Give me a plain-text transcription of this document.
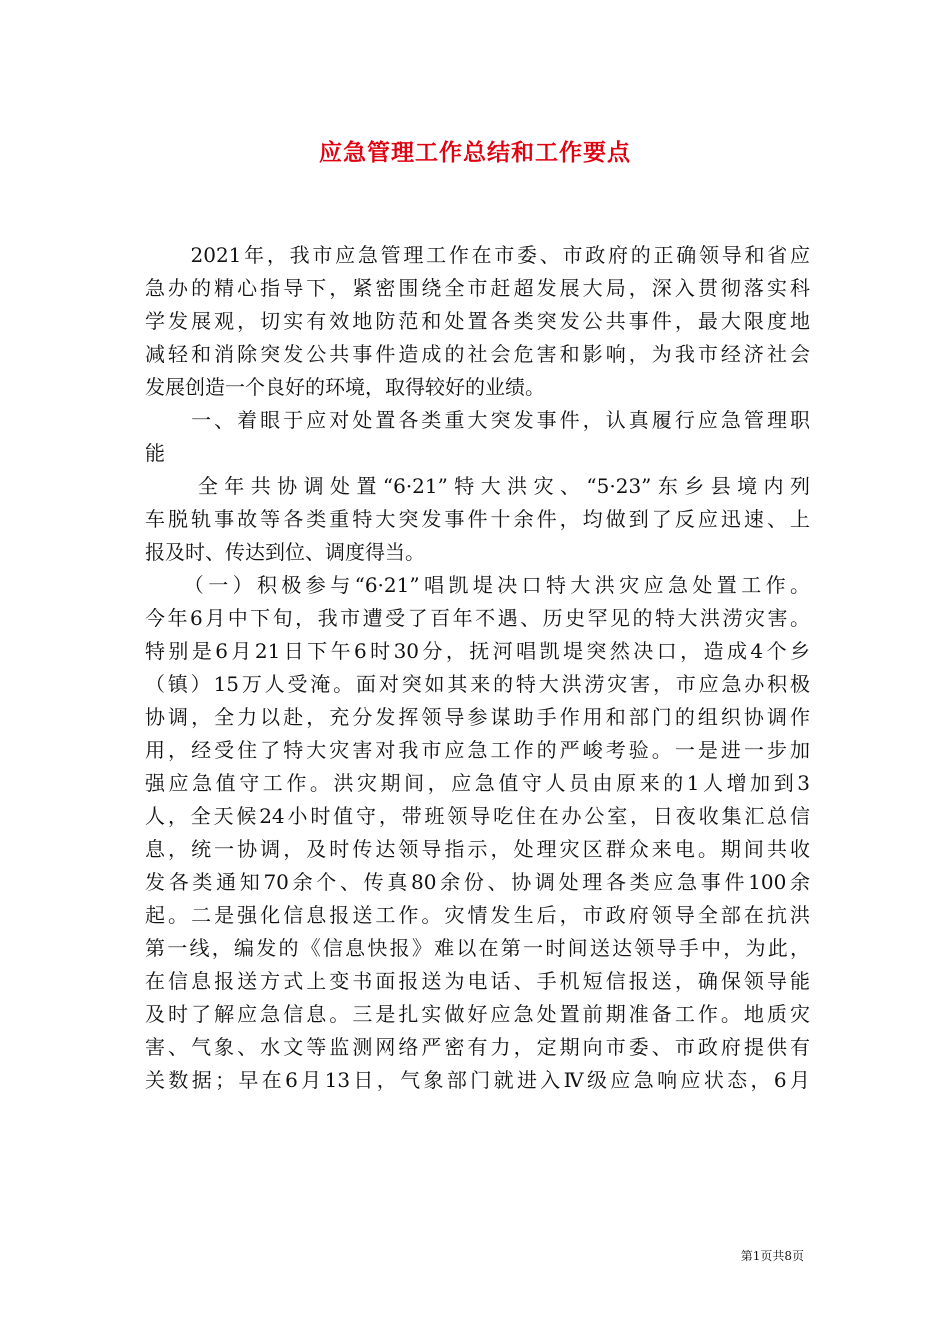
应急管理工作总结和工作要点
　　2021年，我市应急管理工作在市委、市政府的正确领导和省应
急办的精心指导下，紧密围绕全市赶超发展大局，深入贯彻落实科
学发展观，切实有效地防范和处置各类突发公共事件，最大限度地
减轻和消除突发公共事件造成的社会危害和影响，为我市经济社会
发展创造一个良好的环境，取得较好的业绩。
　　一、着眼于应对处置各类重大突发事件，认真履行应急管理职
能
　　全年共协调处置“6·21”特大洪灾、“5·23”东乡县境内列
车脱轨事故等各类重特大突发事件十余件，均做到了反应迅速、上
报及时、传达到位、调度得当。
　　（一）积极参与“6·21”唱凯堤决口特大洪灾应急处置工作。
今年6月中下旬，我市遭受了百年不遇、历史罕见的特大洪涝灾害。
特别是6月21日下午6时30分，抚河唱凯堤突然决口，造成4个乡
（镇）15万人受淹。面对突如其来的特大洪涝灾害，市应急办积极
协调，全力以赴，充分发挥领导参谋助手作用和部门的组织协调作
用，经受住了特大灾害对我市应急工作的严峻考验。一是进一步加
强应急值守工作。洪灾期间，应急值守人员由原来的1人增加到3
人，全天候24小时值守，带班领导吃住在办公室，日夜收集汇总信
息，统一协调，及时传达领导指示，处理灾区群众来电。期间共收
发各类通知70余个、传真80余份、协调处理各类应急事件100余
起。二是强化信息报送工作。灾情发生后，市政府领导全部在抗洪
第一线，编发的《信息快报》难以在第一时间送达领导手中，为此，
在信息报送方式上变书面报送为电话、手机短信报送，确保领导能
及时了解应急信息。三是扎实做好应急处置前期准备工作。地质灾
害、气象、水文等监测网络严密有力，定期向市委、市政府提供有
关数据；早在6月13日，气象部门就进入Ⅳ级应急响应状态，6月
第1页共8页
